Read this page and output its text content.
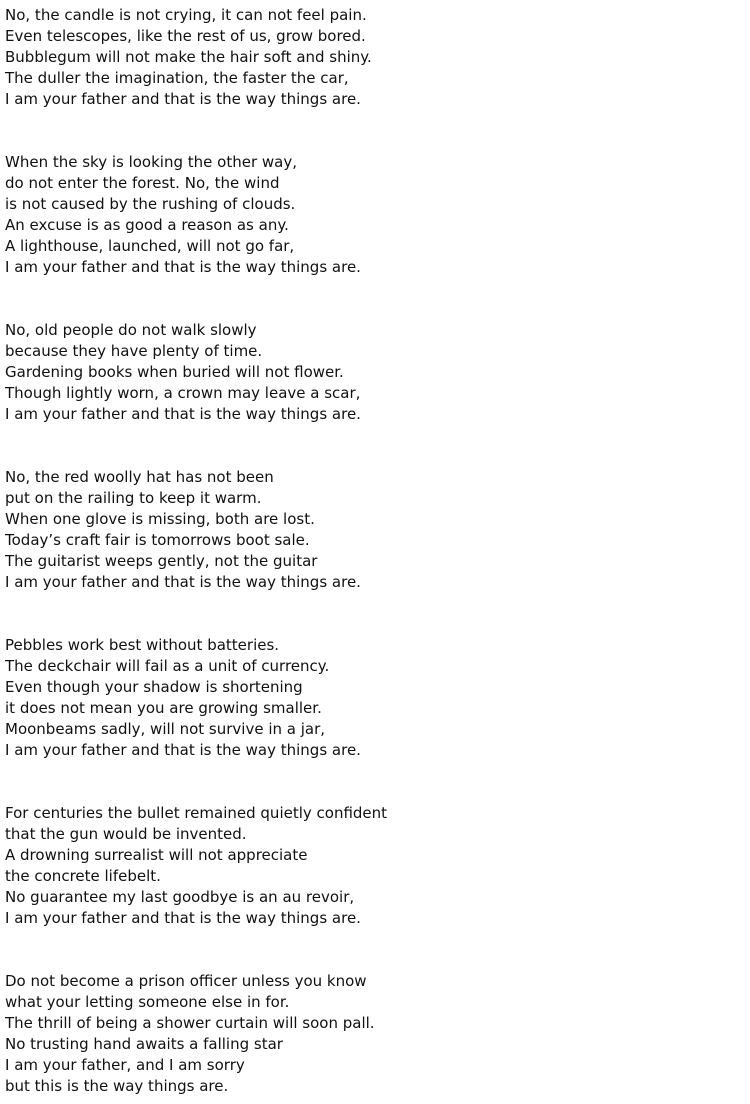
No, the candle is not crying, it can not feel pain.
Even telescopes, like the rest of us, grow bored.
Bubblegum will not make the hair soft and shiny.
The duller the imagination, the faster the car,
I am your father and that is the way things are.
When the sky is looking the other way,
do not enter the forest. No, the wind
is not caused by the rushing of clouds.
An excuse is as good a reason as any.
A lighthouse, launched, will not go far,
I am your father and that is the way things are.
No, old people do not walk slowly
because they have plenty of time.
Gardening books when buried will not flower.
Though lightly worn, a crown may leave a scar,
I am your father and that is the way things are.
No, the red woolly hat has not been
put on the railing to keep it warm.
When one glove is missing, both are lost.
Today’s craft fair is tomorrows boot sale.
The guitarist weeps gently, not the guitar
I am your father and that is the way things are.
Pebbles work best without batteries.
The deckchair will fail as a unit of currency.
Even though your shadow is shortening
it does not mean you are growing smaller.
Moonbeams sadly, will not survive in a jar,
I am your father and that is the way things are.
For centuries the bullet remained quietly confident
that the gun would be invented.
A drowning surrealist will not appreciate
the concrete lifebelt.
No guarantee my last goodbye is an au revoir,
I am your father and that is the way things are.
Do not become a prison officer unless you know
what your letting someone else in for.
The thrill of being a shower curtain will soon pall.
No trusting hand awaits a falling star
I am your father, and I am sorry
but this is the way things are.
